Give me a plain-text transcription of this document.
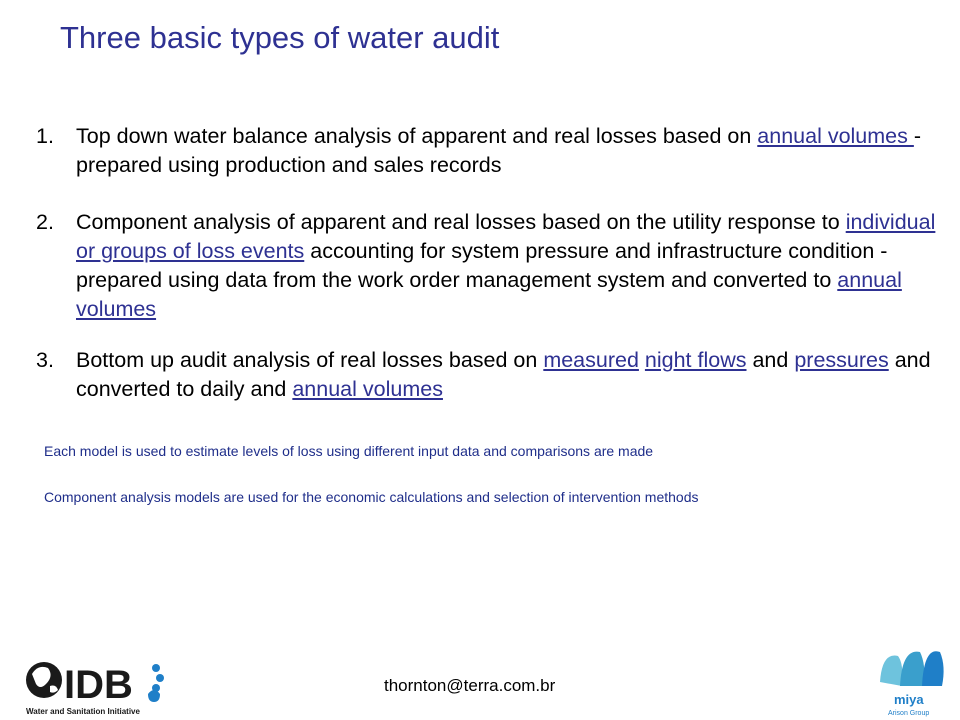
Three basic types of water audit
1. Top down water balance analysis of apparent and real losses based on annual volumes - prepared using production and sales records
2. Component analysis of apparent and real losses based on the utility response to individual or groups of loss events accounting for system pressure and infrastructure condition - prepared using data from the work order management system and converted to annual volumes
3. Bottom up audit analysis of real losses based on measured night flows and pressures and converted to daily and annual volumes
Each model is used to estimate levels of loss using different input data and comparisons are made
Component analysis models are used for the economic calculations and selection of intervention methods
IDB
Water and Sanitation Initiative
thornton@terra.com.br
miya
Arison Group
